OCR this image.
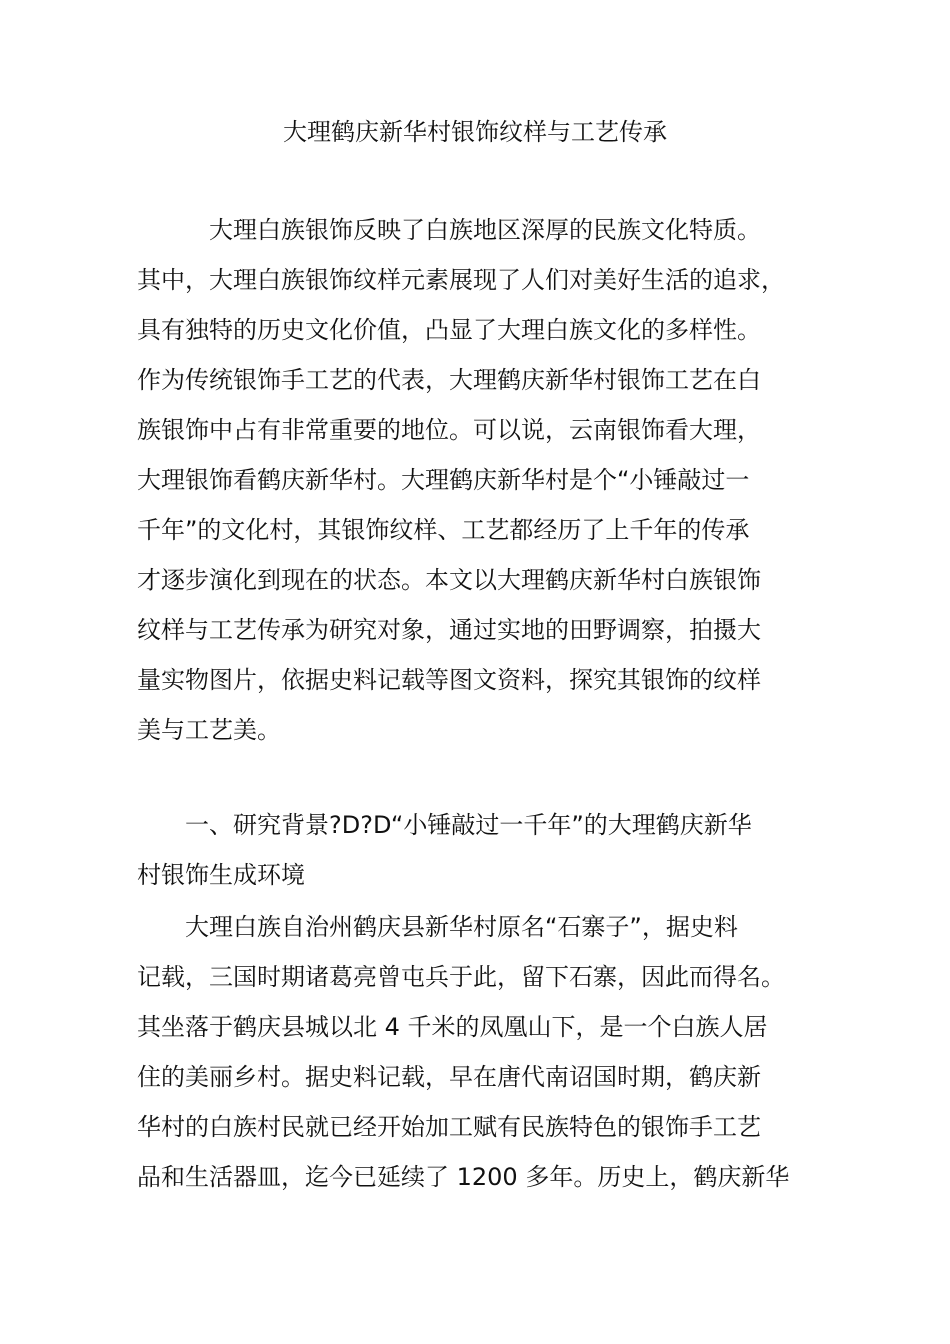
大理鹤庆新华村银饰纹样与工艺传承
大理白族银饰反映了白族地区深厚的民族文化特质。
其中，大理白族银饰纹样元素展现了人们对美好生活的追求，
具有独特的历史文化价值，凸显了大理白族文化的多样性。
作为传统银饰手工艺的代表，大理鹤庆新华村银饰工艺在白
族银饰中占有非常重要的地位。可以说，云南银饰看大理，
大理银饰看鹤庆新华村。大理鹤庆新华村是个“小锤敲过一
千年”的文化村，其银饰纹样、工艺都经历了上千年的传承
才逐步演化到现在的状态。本文以大理鹤庆新华村白族银饰
纹样与工艺传承为研究对象，通过实地的田野调察，拍摄大
量实物图片，依据史料记载等图文资料，探究其银饰的纹样
美与工艺美。
一、研究背景?D?D“小锤敲过一千年”的大理鹤庆新华
村银饰生成环境
大理白族自治州鹤庆县新华村原名“石寨子”，据史料
记载，三国时期诸葛亮曾屯兵于此，留下石寨，因此而得名。
其坐落于鹤庆县城以北 4 千米的凤凰山下，是一个白族人居
住的美丽乡村。据史料记载，早在唐代南诏国时期，鹤庆新
华村的白族村民就已经开始加工赋有民族特色的银饰手工艺
品和生活器皿，迄今已延续了 1200 多年。历史上，鹤庆新华
